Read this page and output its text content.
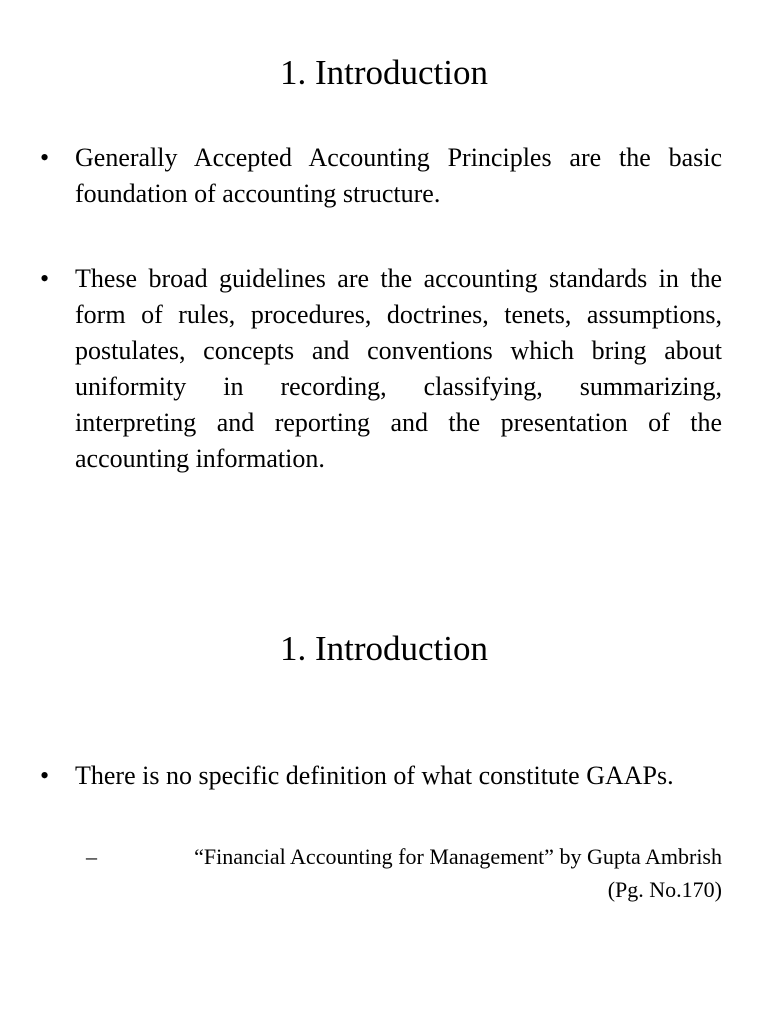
1. Introduction
• Generally Accepted Accounting Principles are the basic foundation of accounting structure.
• These broad guidelines are the accounting standards in the form of rules, procedures, doctrines, tenets, assumptions, postulates, concepts and conventions which bring about uniformity in recording, classifying, summarizing, interpreting and reporting and the presentation of the accounting information.
1. Introduction
• There is no specific definition of what constitute GAAPs.
–	“Financial Accounting for Management” by Gupta Ambrish
(Pg. No.170)
